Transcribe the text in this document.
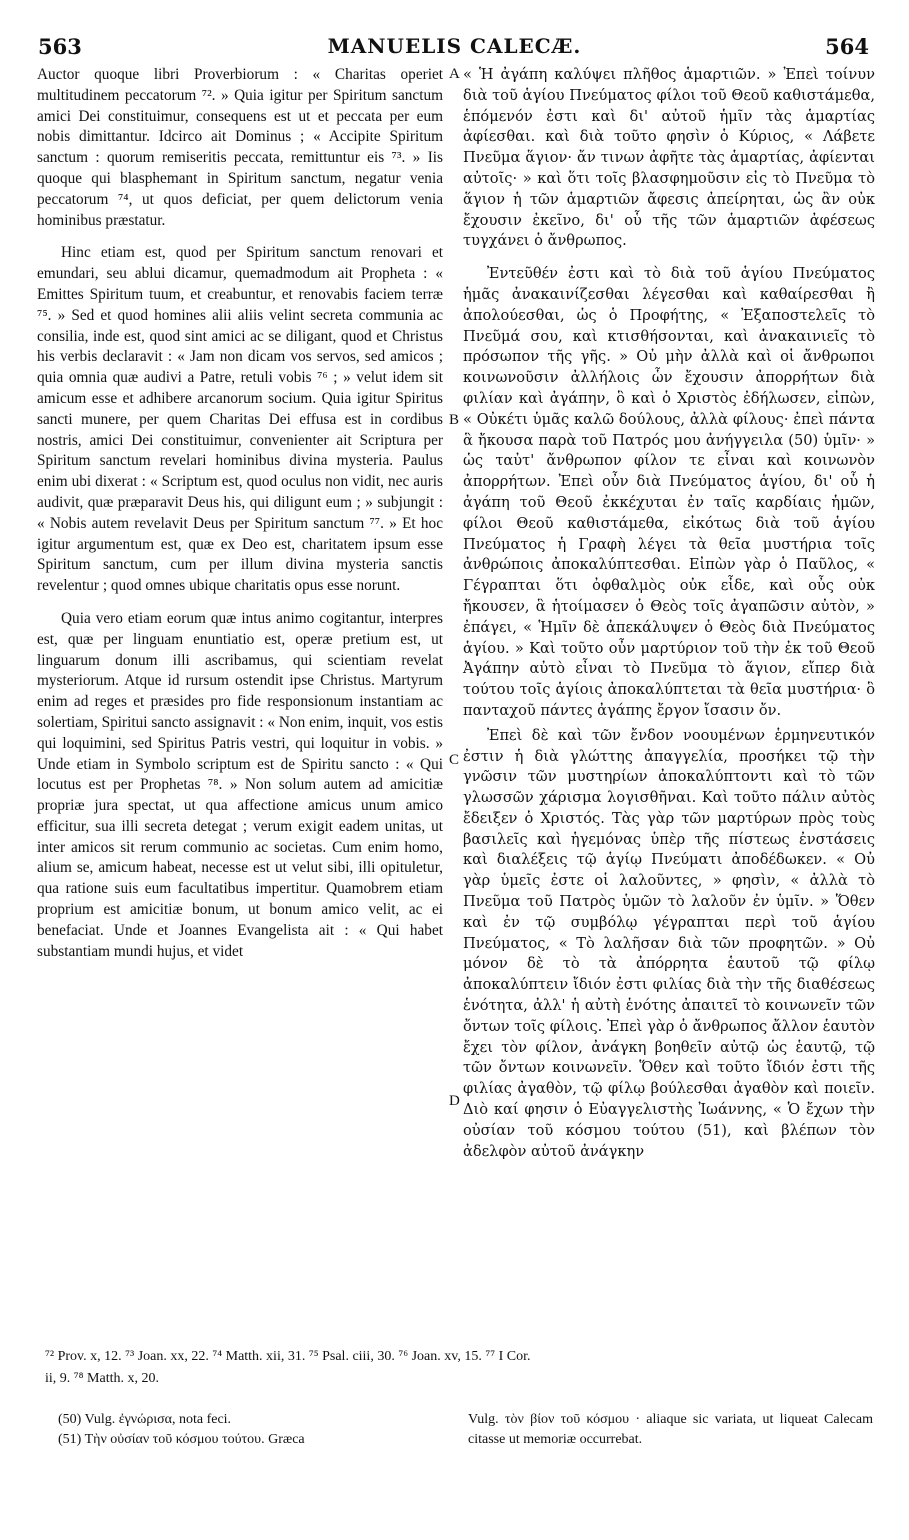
563	MANUELIS CALECÆ.	564

Auctor quoque libri Proverbiorum : « Charitas operiet multitudinem peccatorum ⁷². » Quia igitur per Spiritum sanctum amici Dei constituimur, consequens est ut et peccata per eum nobis dimittantur. Idcirco ait Dominus ; « Accipite Spiritum sanctum : quorum remiseritis peccata, remittuntur eis ⁷³. » Iis quoque qui blasphemant in Spiritum sanctum, negatur venia peccatorum ⁷⁴, ut quos deficiat, per quem delictorum venia hominibus præstatur.

Hinc etiam est, quod per Spiritum sanctum renovari et emundari, seu ablui dicamur, quemadmodum ait Propheta : « Emittes Spiritum tuum, et creabuntur, et renovabis faciem terræ ⁷⁵. » Sed et quod homines alii aliis velint secreta communia ac consilia, inde est, quod sint amici ac se diligant, quod et Christus his verbis declaravit : « Jam non dicam vos servos, sed amicos ; quia omnia quæ audivi a Patre, retuli vobis ⁷⁶ ; » velut idem sit amicum esse et adhibere arcanorum socium. Quia igitur Spiritus sancti munere, per quem Charitas Dei effusa est in cordibus nostris, amici Dei constituimur, convenienter ait Scriptura per Spiritum sanctum revelari hominibus divina mysteria. Paulus enim ubi dixerat : « Scriptum est, quod oculus non vidit, nec auris audivit, quæ præparavit Deus his, qui diligunt eum ; » subjungit : « Nobis autem revelavit Deus per Spiritum sanctum ⁷⁷. » Et hoc igitur argumentum est, quæ ex Deo est, charitatem ipsum esse Spiritum sanctum, cum per illum divina mysteria sanctis revelentur ; quod omnes ubique charitatis opus esse norunt.

Quia vero etiam eorum quæ intus animo cogitantur, interpres est, quæ per linguam enuntiatio est, operæ pretium est, ut linguarum donum illi ascribamus, qui scientiam revelat mysteriorum. Atque id rursum ostendit ipse Christus. Martyrum enim ad reges et præsides pro fide responsionum instantiam ac solertiam, Spiritui sancto assignavit : « Non enim, inquit, vos estis qui loquimini, sed Spiritus Patris vestri, qui loquitur in vobis. » Unde etiam in Symbolo scriptum est de Spiritu sancto : « Qui locutus est per Prophetas ⁷⁸. » Non solum autem ad amicitiæ propriæ jura spectat, ut qua affectione amicus unum amico efficitur, sua illi secreta detegat ; verum exigit eadem unitas, ut inter amicos sit rerum communio ac societas. Cum enim homo, alium se, amicum habeat, necesse est ut velut sibi, illi opituletur, qua ratione suis eum facultatibus impertitur. Quamobrem etiam proprium est amicitiæ bonum, ut bonum amico velit, ac ei benefaciat. Unde et Joannes Evangelista ait : « Qui habet substantiam mundi hujus, et videt

A
B
C
D

« Ἡ ἀγάπη καλύψει πλῆθος ἁμαρτιῶν. » Ἐπεὶ τοίνυν διὰ τοῦ ἁγίου Πνεύματος φίλοι τοῦ Θεοῦ καθιστάμεθα, ἑπόμενόν ἐστι καὶ δι' αὐτοῦ ἡμῖν τὰς ἁμαρτίας ἀφίεσθαι. καὶ διὰ τοῦτο φησὶν ὁ Κύριος, « Λάβετε Πνεῦμα ἅγιον· ἄν τινων ἀφῆτε τὰς ἁμαρτίας, ἀφίενται αὐτοῖς· » καὶ ὅτι τοῖς βλασφημοῦσιν εἰς τὸ Πνεῦμα τὸ ἅγιον ἡ τῶν ἁμαρτιῶν ἄφεσις ἀπείρηται, ὡς ἂν οὐκ ἔχουσιν ἐκεῖνο, δι' οὗ τῆς τῶν ἁμαρτιῶν ἀφέσεως τυγχάνει ὁ ἄνθρωπος.

Ἐντεῦθέν ἐστι καὶ τὸ διὰ τοῦ ἁγίου Πνεύματος ἡμᾶς ἀνακαινίζεσθαι λέγεσθαι καὶ καθαίρεσθαι ἢ ἀπολούεσθαι, ὡς ὁ Προφήτης, « Ἐξαποστελεῖς τὸ Πνεῦμά σου, καὶ κτισθήσονται, καὶ ἀνακαινιεῖς τὸ πρόσωπον τῆς γῆς. » Οὐ μὴν ἀλλὰ καὶ οἱ ἄνθρωποι κοινωνοῦσιν ἀλλήλοις ὧν ἔχουσιν ἀπορρήτων διὰ φιλίαν καὶ ἀγάπην, ὃ καὶ ὁ Χριστὸς ἐδήλωσεν, εἰπὼν, « Οὐκέτι ὑμᾶς καλῶ δούλους, ἀλλὰ φίλους· ἐπεὶ πάντα ἃ ἤκουσα παρὰ τοῦ Πατρός μου ἀνήγγειλα (50) ὑμῖν· » ὡς ταὐτ' ἄνθρωπον φίλον τε εἶναι καὶ κοινωνὸν ἀπορρήτων. Ἐπεὶ οὖν διὰ Πνεύματος ἁγίου, δι' οὗ ἡ ἀγάπη τοῦ Θεοῦ ἐκκέχυται ἐν ταῖς καρδίαις ἡμῶν, φίλοι Θεοῦ καθιστάμεθα, εἰκότως διὰ τοῦ ἁγίου Πνεύματος ἡ Γραφὴ λέγει τὰ θεῖα μυστήρια τοῖς ἀνθρώποις ἀποκαλύπτεσθαι. Εἰπὼν γὰρ ὁ Παῦλος, « Γέγραπται ὅτι ὀφθαλμὸς οὐκ εἶδε, καὶ οὖς οὐκ ἤκουσεν, ἃ ἡτοίμασεν ὁ Θεὸς τοῖς ἀγαπῶσιν αὐτὸν, » ἐπάγει, « Ἡμῖν δὲ ἀπεκάλυψεν ὁ Θεὸς διὰ Πνεύματος ἁγίου. » Καὶ τοῦτο οὖν μαρτύριον τοῦ τὴν ἐκ τοῦ Θεοῦ Ἀγάπην αὐτὸ εἶναι τὸ Πνεῦμα τὸ ἅγιον, εἴπερ διὰ τούτου τοῖς ἁγίοις ἀποκαλύπτεται τὰ θεῖα μυστήρια· ὃ πανταχοῦ πάντες ἀγάπης ἔργον ἴσασιν ὄν.

Ἐπεὶ δὲ καὶ τῶν ἔνδον νοουμένων ἑρμηνευτικόν ἐστιν ἡ διὰ γλώττης ἀπαγγελία, προσήκει τῷ τὴν γνῶσιν τῶν μυστηρίων ἀποκαλύπτοντι καὶ τὸ τῶν γλωσσῶν χάρισμα λογισθῆναι. Καὶ τοῦτο πάλιν αὐτὸς ἔδειξεν ὁ Χριστός. Τὰς γὰρ τῶν μαρτύρων πρὸς τοὺς βασιλεῖς καὶ ἡγεμόνας ὑπὲρ τῆς πίστεως ἐνστάσεις καὶ διαλέξεις τῷ ἁγίῳ Πνεύματι ἀποδέδωκεν. « Οὐ γὰρ ὑμεῖς ἐστε οἱ λαλοῦντες, » φησὶν, « ἀλλὰ τὸ Πνεῦμα τοῦ Πατρὸς ὑμῶν τὸ λαλοῦν ἐν ὑμῖν. » Ὅθεν καὶ ἐν τῷ συμβόλῳ γέγραπται περὶ τοῦ ἁγίου Πνεύματος, « Τὸ λαλῆσαν διὰ τῶν προφητῶν. » Οὐ μόνον δὲ τὸ τὰ ἀπόρρητα ἑαυτοῦ τῷ φίλῳ ἀποκαλύπτειν ἴδιόν ἐστι φιλίας διὰ τὴν τῆς διαθέσεως ἑνότητα, ἀλλ' ἡ αὐτὴ ἑνότης ἀπαιτεῖ τὸ κοινωνεῖν τῶν ὄντων τοῖς φίλοις. Ἐπεὶ γὰρ ὁ ἄνθρωπος ἄλλον ἑαυτὸν ἔχει τὸν φίλον, ἀνάγκη βοηθεῖν αὐτῷ ὡς ἑαυτῷ, τῷ τῶν ὄντων κοινωνεῖν. Ὅθεν καὶ τοῦτο ἴδιόν ἐστι τῆς φιλίας ἀγαθὸν, τῷ φίλῳ βούλεσθαι ἀγαθὸν καὶ ποιεῖν. Διὸ καί φησιν ὁ Εὐαγγελιστὴς Ἰωάννης, « Ὁ ἔχων τὴν οὐσίαν τοῦ κόσμου τούτου (51), καὶ βλέπων τὸν ἀδελφὸν αὐτοῦ ἀνάγκην

⁷² Prov. x, 12. ⁷³ Joan. xx, 22. ⁷⁴ Matth. xii, 31. ⁷⁵ Psal. ciii, 30. ⁷⁶ Joan. xv, 15. ⁷⁷ I Cor.
ii, 9. ⁷⁸ Matth. x, 20.
(50) Vulg. ἐγνώρισα, nota feci.
(51) Τὴν οὐσίαν τοῦ κόσμου τούτου. Græca
Vulg. τὸν βίον τοῦ κόσμου · aliaque sic variata, ut liqueat Calecam citasse ut memoriæ occurrebat.
